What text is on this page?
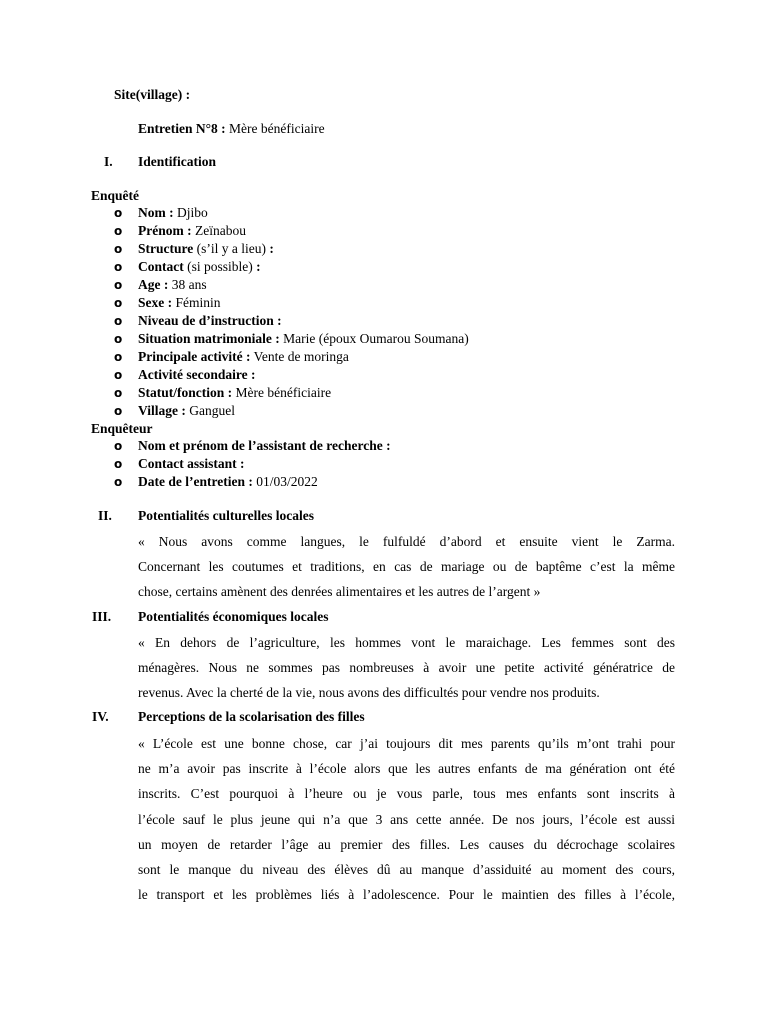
Site(village) :
Entretien N°8 : Mère bénéficiaire
I.	Identification
Enquêté
o Nom : Djibo
o Prénom : Zeïnabou
o Structure (s’il y a lieu) :
o Contact (si possible) :
o Age : 38 ans
o Sexe : Féminin
o Niveau de d’instruction :
o Situation matrimoniale : Marie (époux Oumarou Soumana)
o Principale activité : Vente de moringa
o Activité secondaire :
o Statut/fonction : Mère bénéficiaire
o Village : Ganguel
Enquêteur
o Nom et prénom de l’assistant de recherche :
o Contact assistant :
o Date de l’entretien : 01/03/2022
II.	Potentialités culturelles locales
« Nous avons comme langues, le fulfuldé d’abord et ensuite vient le Zarma.
Concernant les coutumes et traditions, en cas de mariage ou de baptême c’est la même
chose, certains amènent des denrées alimentaires et les autres de l’argent »
III.	Potentialités économiques locales
« En dehors de l’agriculture, les hommes vont le maraichage. Les femmes sont des
ménagères. Nous ne sommes pas nombreuses à avoir une petite activité génératrice de
revenus. Avec la cherté de la vie, nous avons des difficultés pour vendre nos produits.
IV.	Perceptions de la scolarisation des filles
« L’école est une bonne chose, car j’ai toujours dit mes parents qu’ils m’ont trahi pour
ne m’a avoir pas inscrite à l’école alors que les autres enfants de ma génération ont été
inscrits. C’est pourquoi à l’heure ou je vous parle, tous mes enfants sont inscrits à
l’école sauf le plus jeune qui n’a que 3 ans cette année. De nos jours, l’école est aussi
un moyen de retarder l’âge au premier des filles. Les causes du décrochage scolaires
sont le manque du niveau des élèves dû au manque d’assiduité au moment des cours,
le transport et les problèmes liés à l’adolescence. Pour le maintien des filles à l’école,
